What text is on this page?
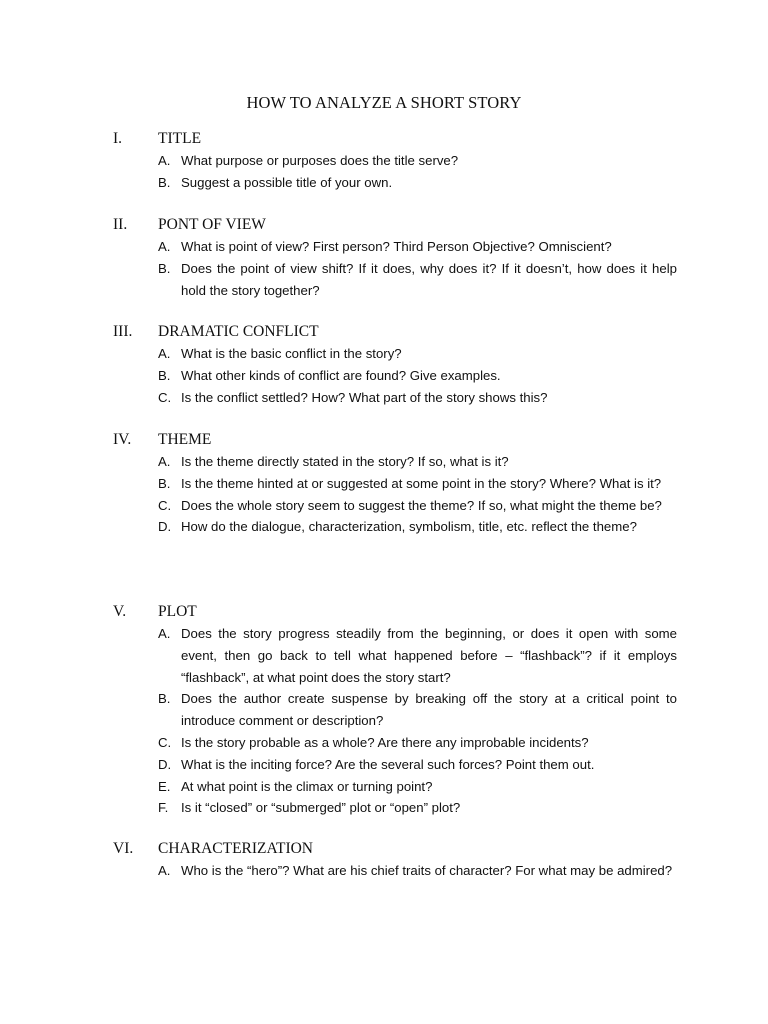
HOW TO ANALYZE A SHORT STORY
I. TITLE
A. What purpose or purposes does the title serve?
B. Suggest a possible title of your own.
II. PONT OF VIEW
A. What is point of view? First person? Third Person Objective? Omniscient?
B. Does the point of view shift? If it does, why does it? If it doesn’t, how does it help hold the story together?
III. DRAMATIC CONFLICT
A. What is the basic conflict in the story?
B. What other kinds of conflict are found? Give examples.
C. Is the conflict settled? How? What part of the story shows this?
IV. THEME
A. Is the theme directly stated in the story? If so, what is it?
B. Is the theme hinted at or suggested at some point in the story? Where? What is it?
C. Does the whole story seem to suggest the theme? If so, what might the theme be?
D. How do the dialogue, characterization, symbolism, title, etc. reflect the theme?
V. PLOT
A. Does the story progress steadily from the beginning, or does it open with some event, then go back to tell what happened before – “flashback”? if it employs “flashback”, at what point does the story start?
B. Does the author create suspense by breaking off the story at a critical point to introduce comment or description?
C. Is the story probable as a whole? Are there any improbable incidents?
D. What is the inciting force? Are the several such forces? Point them out.
E. At what point is the climax or turning point?
F. Is it “closed” or “submerged” plot or “open” plot?
VI. CHARACTERIZATION
A. Who is the “hero”? What are his chief traits of character? For what may be admired?
